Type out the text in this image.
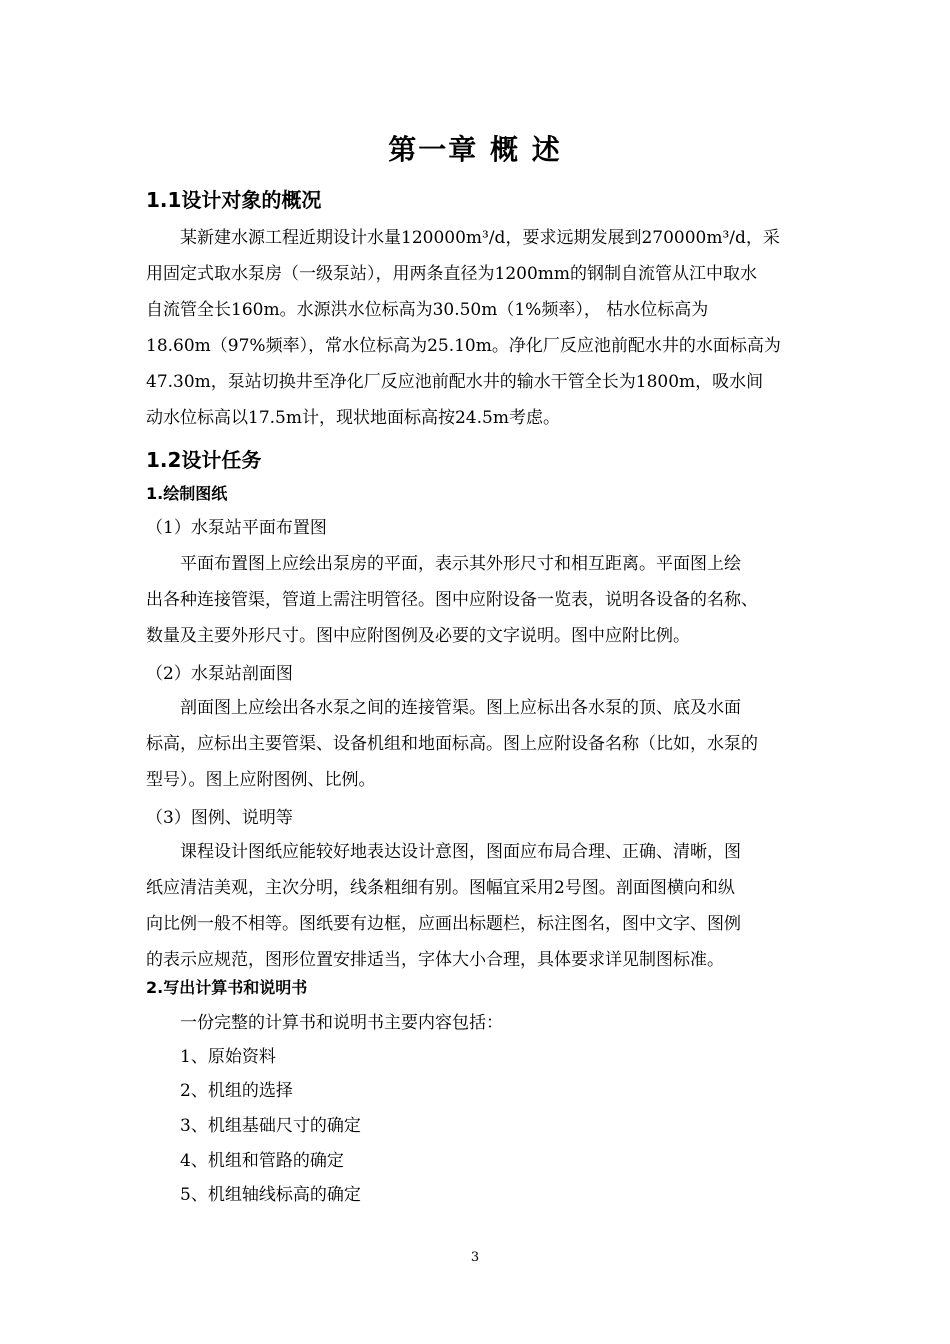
第一章 概 述
1.1设计对象的概况
某新建水源工程近期设计水量120000m³/d，要求远期发展到270000m³/d，采
用固定式取水泵房（一级泵站），用两条直径为1200mm的钢制自流管从江中取水
自流管全长160m。水源洪水位标高为30.50m（1%频率）， 枯水位标高为
18.60m（97%频率），常水位标高为25.10m。净化厂反应池前配水井的水面标高为
47.30m，泵站切换井至净化厂反应池前配水井的输水干管全长为1800m，吸水间
动水位标高以17.5m计，现状地面标高按24.5m考虑。
1.2设计任务
1.绘制图纸

（1）水泵站平面布置图

平面布置图上应绘出泵房的平面，表示其外形尺寸和相互距离。平面图上绘
出各种连接管渠，管道上需注明管径。图中应附设备一览表，说明各设备的名称、
数量及主要外形尺寸。图中应附图例及必要的文字说明。图中应附比例。

（2）水泵站剖面图

剖面图上应绘出各水泵之间的连接管渠。图上应标出各水泵的顶、底及水面
标高，应标出主要管渠、设备机组和地面标高。图上应附设备名称（比如，水泵的
型号）。图上应附图例、比例。

（3）图例、说明等

课程设计图纸应能较好地表达设计意图，图面应布局合理、正确、清晰，图
纸应清洁美观，主次分明，线条粗细有别。图幅宜采用2号图。剖面图横向和纵
向比例一般不相等。图纸要有边框，应画出标题栏，标注图名，图中文字、图例
的表示应规范，图形位置安排适当，字体大小合理，具体要求详见制图标准。
2.写出计算书和说明书

一份完整的计算书和说明书主要内容包括：

1、原始资料

2、机组的选择

3、机组基础尺寸的确定

4、机组和管路的确定

5、机组轴线标高的确定

3
